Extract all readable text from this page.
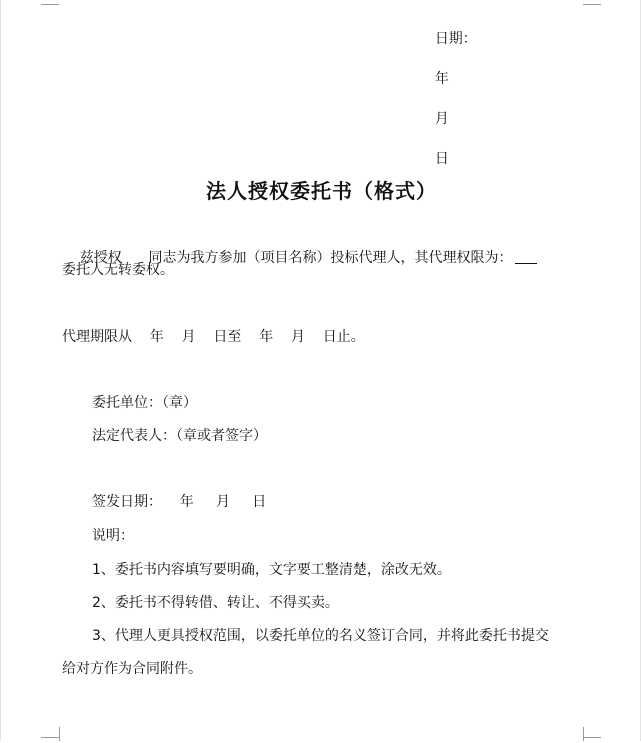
日期：

年

月

日

法人授权委托书（格式）

兹授权      同志为我方参加（项目名称）投标代理人，其代理权限为：

委托人无转委权。
代理期限从    年    月    日至    年    月    日止。
委托单位：（章）
法定代表人：（章或者签字）
签发日期：    年     月     日
说明：
1、委托书内容填写要明确，文字要工整清楚，涂改无效。
2、委托书不得转借、转让、不得买卖。
3、代理人更具授权范围，以委托单位的名义签订合同，并将此委托书提交
给对方作为合同附件。
